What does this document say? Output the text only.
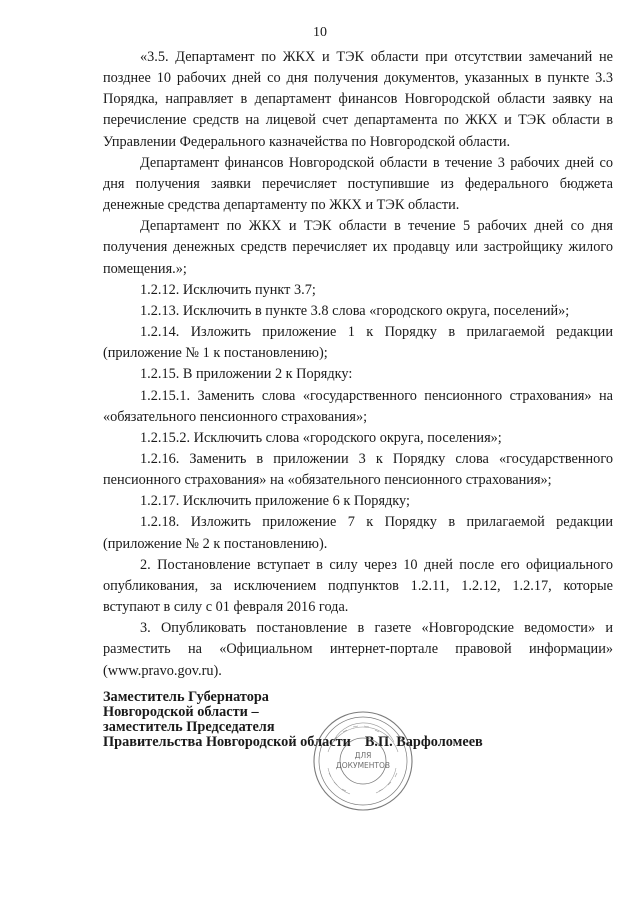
10

«3.5. Департамент по ЖКХ и ТЭК области при отсутствии замечаний не позднее 10 рабочих дней со дня получения документов, указанных в пункте 3.3 Порядка, направляет в департамент финансов Новгородской области заявку на перечисление средств на лицевой счет департамента по ЖКХ и ТЭК области в Управлении Федерального казначейства по Новгородской области.

Департамент финансов Новгородской области в течение 3 рабочих дней со дня получения заявки перечисляет поступившие из федерального бюджета денежные средства департаменту по ЖКХ и ТЭК области.

Департамент по ЖКХ и ТЭК области в течение 5 рабочих дней со дня получения денежных средств перечисляет их продавцу или застройщику жилого помещения.»;

1.2.12. Исключить пункт 3.7;

1.2.13. Исключить в пункте 3.8 слова «городского округа, поселений»;

1.2.14. Изложить приложение 1 к Порядку в прилагаемой редакции (приложение № 1 к постановлению);

1.2.15. В приложении 2 к Порядку:

1.2.15.1. Заменить слова «государственного пенсионного страхования» на «обязательного пенсионного страхования»;

1.2.15.2. Исключить слова «городского округа, поселения»;

1.2.16. Заменить в приложении 3 к Порядку слова «государственного пенсионного страхования» на «обязательного пенсионного страхования»;

1.2.17. Исключить приложение 6 к Порядку;

1.2.18. Изложить приложение 7 к Порядку в прилагаемой редакции (приложение № 2 к постановлению).

2. Постановление вступает в силу через 10 дней после его официального опубликования, за исключением подпунктов 1.2.11, 1.2.12, 1.2.17, которые вступают в силу с 01 февраля 2016 года.

3. Опубликовать постановление в газете «Новгородские ведомости» и разместить на «Официальном интернет-портале правовой информации» (www.pravo.gov.ru).

Заместитель Губернатора

Новгородской области –

заместитель Председателя

Правительства Новгородской области В.П. Варфоломеев

ДЛЯ
ДОКУМЕНТОВ
